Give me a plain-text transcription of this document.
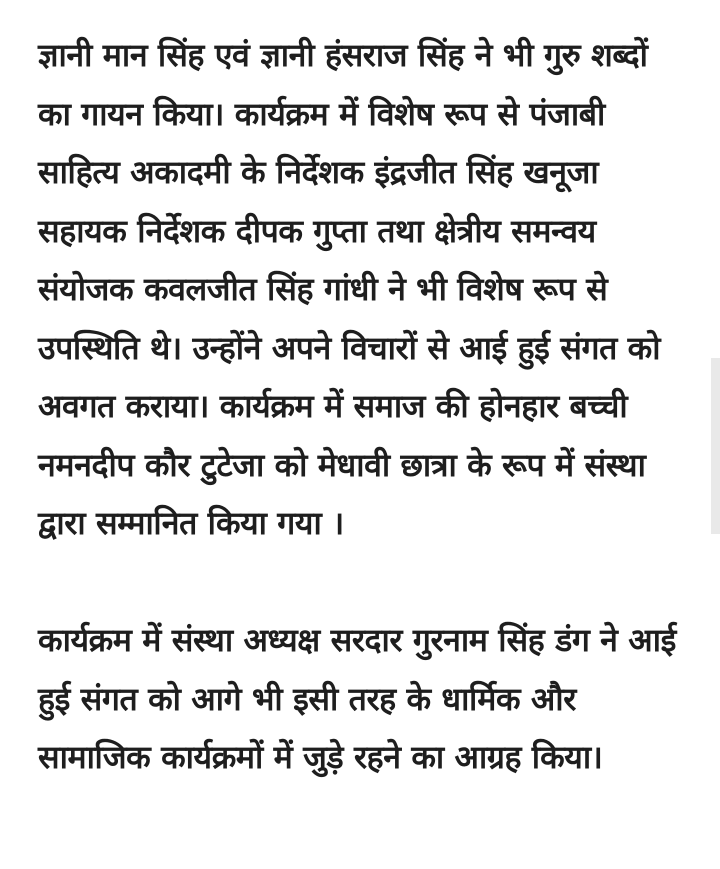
ज्ञानी मान सिंह एवं ज्ञानी हंसराज सिंह ने भी गुरु शब्दों का गायन किया। कार्यक्रम में विशेष रूप से पंजाबी साहित्य अकादमी के निर्देशक इंद्रजीत सिंह खनूजा सहायक निर्देशक दीपक गुप्ता तथा क्षेत्रीय समन्वय संयोजक कवलजीत सिंह गांधी ने भी विशेष रूप से उपस्थिति थे। उन्होंने अपने विचारों से आई हुई संगत को अवगत कराया। कार्यक्रम में समाज की होनहार बच्ची नमनदीप कौर टुटेजा को मेधावी छात्रा के रूप में संस्था द्वारा सम्मानित किया गया ।

कार्यक्रम में संस्था अध्यक्ष सरदार गुरनाम सिंह डंग ने आई हुई संगत को आगे भी इसी तरह के धार्मिक और सामाजिक कार्यक्रमों में जुड़े रहने का आग्रह किया।
